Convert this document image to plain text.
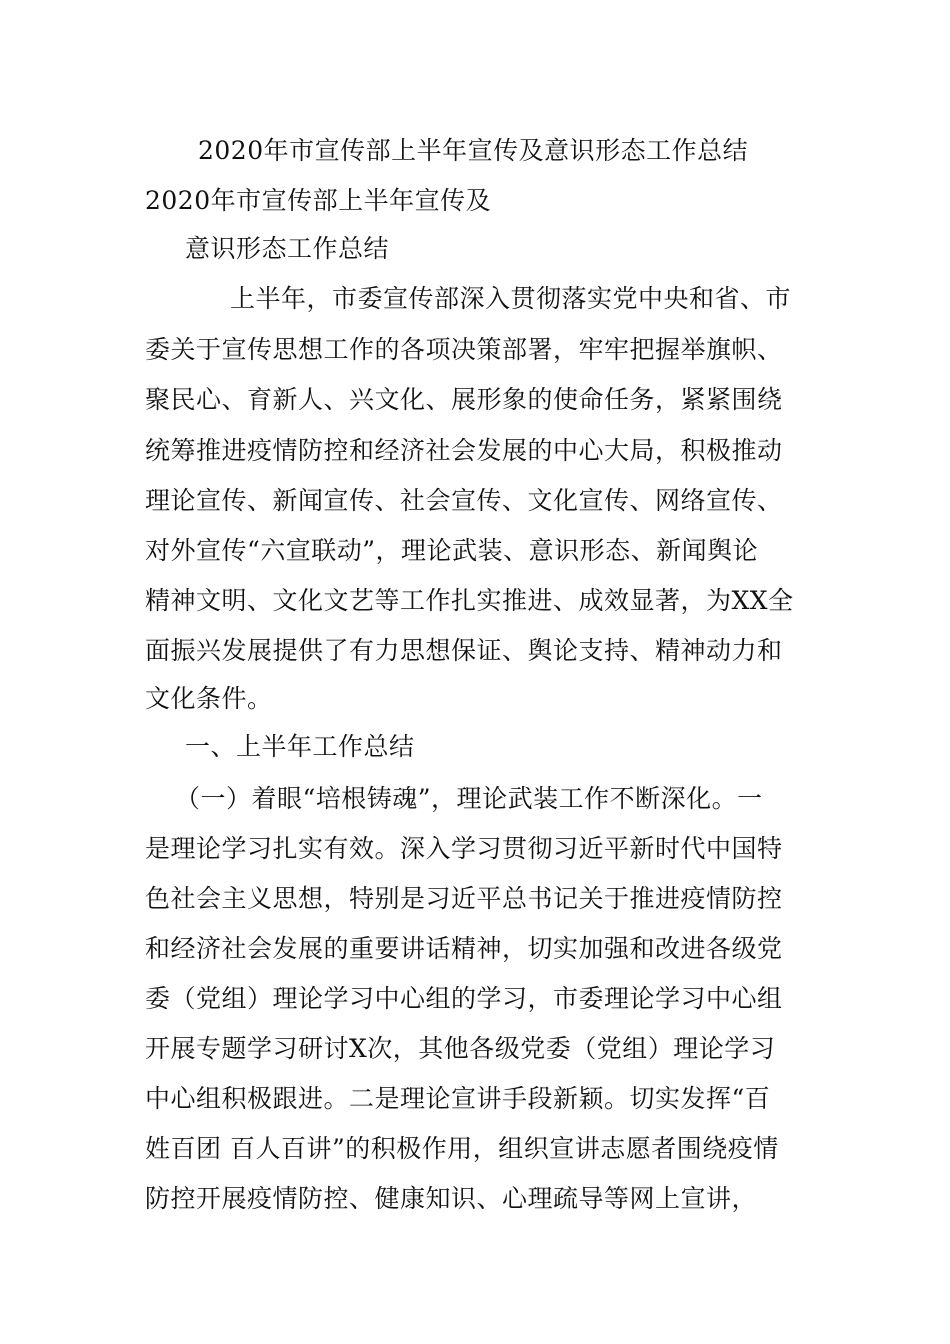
2020年市宣传部上半年宣传及意识形态工作总结
2020年市宣传部上半年宣传及
意识形态工作总结
上半年，市委宣传部深入贯彻落实党中央和省、市
委关于宣传思想工作的各项决策部署，牢牢把握举旗帜、
聚民心、育新人、兴文化、展形象的使命任务，紧紧围绕
统筹推进疫情防控和经济社会发展的中心大局，积极推动
理论宣传、新闻宣传、社会宣传、文化宣传、网络宣传、
对外宣传“六宣联动”，理论武装、意识形态、新闻舆论
精神文明、文化文艺等工作扎实推进、成效显著，为XX全
面振兴发展提供了有力思想保证、舆论支持、精神动力和
文化条件。
一、上半年工作总结
（一）着眼“培根铸魂”，理论武装工作不断深化。一
是理论学习扎实有效。深入学习贯彻习近平新时代中国特
色社会主义思想，特别是习近平总书记关于推进疫情防控
和经济社会发展的重要讲话精神，切实加强和改进各级党
委（党组）理论学习中心组的学习，市委理论学习中心组
开展专题学习研讨X次，其他各级党委（党组）理论学习
中心组积极跟进。二是理论宣讲手段新颖。切实发挥“百
姓百团 百人百讲”的积极作用，组织宣讲志愿者围绕疫情
防控开展疫情防控、健康知识、心理疏导等网上宣讲，
